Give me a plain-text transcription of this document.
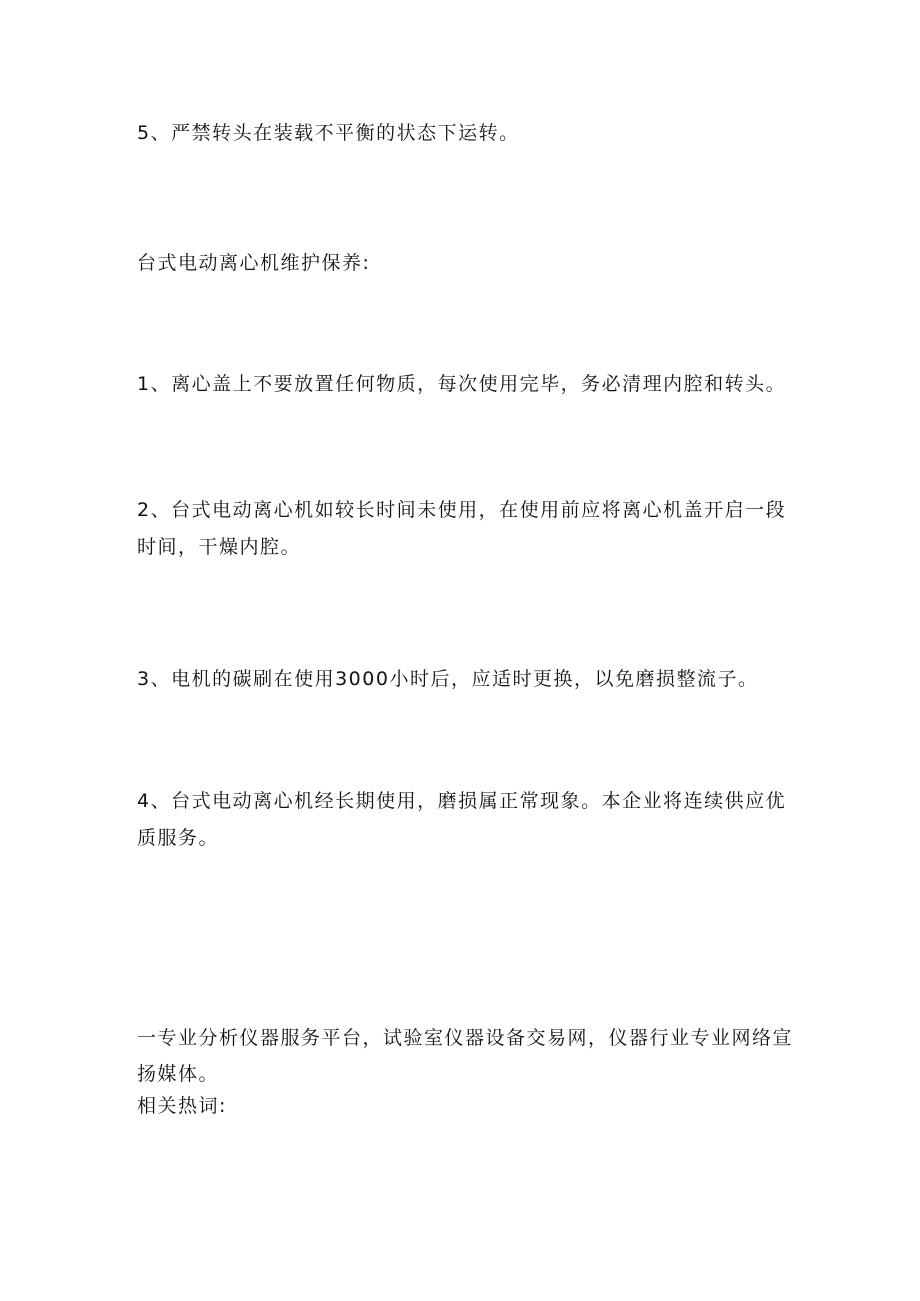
5、严禁转头在装载不平衡的状态下运转。

台式电动离心机维护保养:

1、离心盖上不要放置任何物质，每次使用完毕，务必清理内腔和转头。

2、台式电动离心机如较长时间未使用，在使用前应将离心机盖开启一段时间，干燥内腔。

3、电机的碳刷在使用3000小时后，应适时更换，以免磨损整流子。

4、台式电动离心机经长期使用，磨损属正常现象。本企业将连续供应优质服务。

一专业分析仪器服务平台，试验室仪器设备交易网，仪器行业专业网络宣扬媒体。

相关热词:
